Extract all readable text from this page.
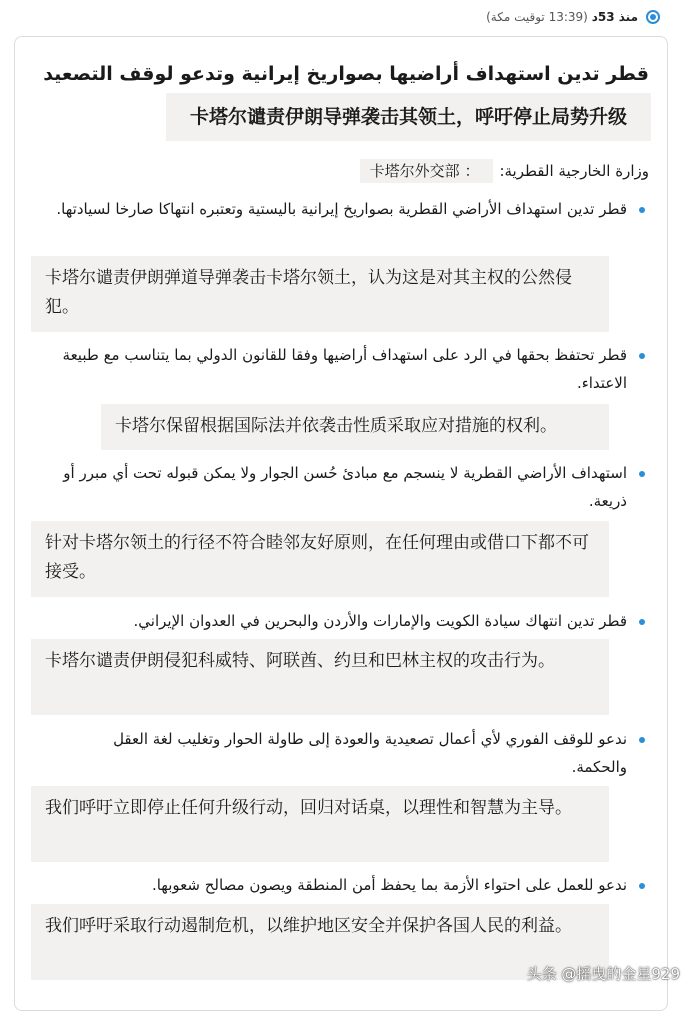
منذ 53د (13:39 توقيت مكة)
قطر تدين استهداف أراضيها بصواريخ إيرانية وتدعو لوقف التصعيد
卡塔尔谴责伊朗导弹袭击其领土，呼吁停止局势升级
وزارة الخارجية القطرية:
卡塔尔外交部 ：
قطر تدين استهداف الأراضي القطرية بصواريخ إيرانية باليستية وتعتبره انتهاكا صارخا لسيادتها.
卡塔尔谴责伊朗弹道导弹袭击卡塔尔领土，认为这是对其主权的公然侵犯。
قطر تحتفظ بحقها في الرد على استهداف أراضيها وفقا للقانون الدولي بما يتناسب مع طبيعة الاعتداء.
卡塔尔保留根据国际法并依袭击性质采取应对措施的权利。
استهداف الأراضي القطرية لا ينسجم مع مبادئ حُسن الجوار ولا يمكن قبوله تحت أي مبرر أو ذريعة.
针对卡塔尔领土的行径不符合睦邻友好原则，在任何理由或借口下都不可接受。
قطر تدين انتهاك سيادة الكويت والإمارات والأردن والبحرين في العدوان الإيراني.
卡塔尔谴责伊朗侵犯科威特、阿联酋、约旦和巴林主权的攻击行为。
ندعو للوقف الفوري لأي أعمال تصعيدية والعودة إلى طاولة الحوار وتغليب لغة العقل والحكمة.
我们呼吁立即停止任何升级行动，回归对话桌，以理性和智慧为主导。
ندعو للعمل على احتواء الأزمة بما يحفظ أمن المنطقة ويصون مصالح شعوبها.
我们呼吁采取行动遏制危机，以维护地区安全并保护各国人民的利益。
头条 @摇曳的金星929
